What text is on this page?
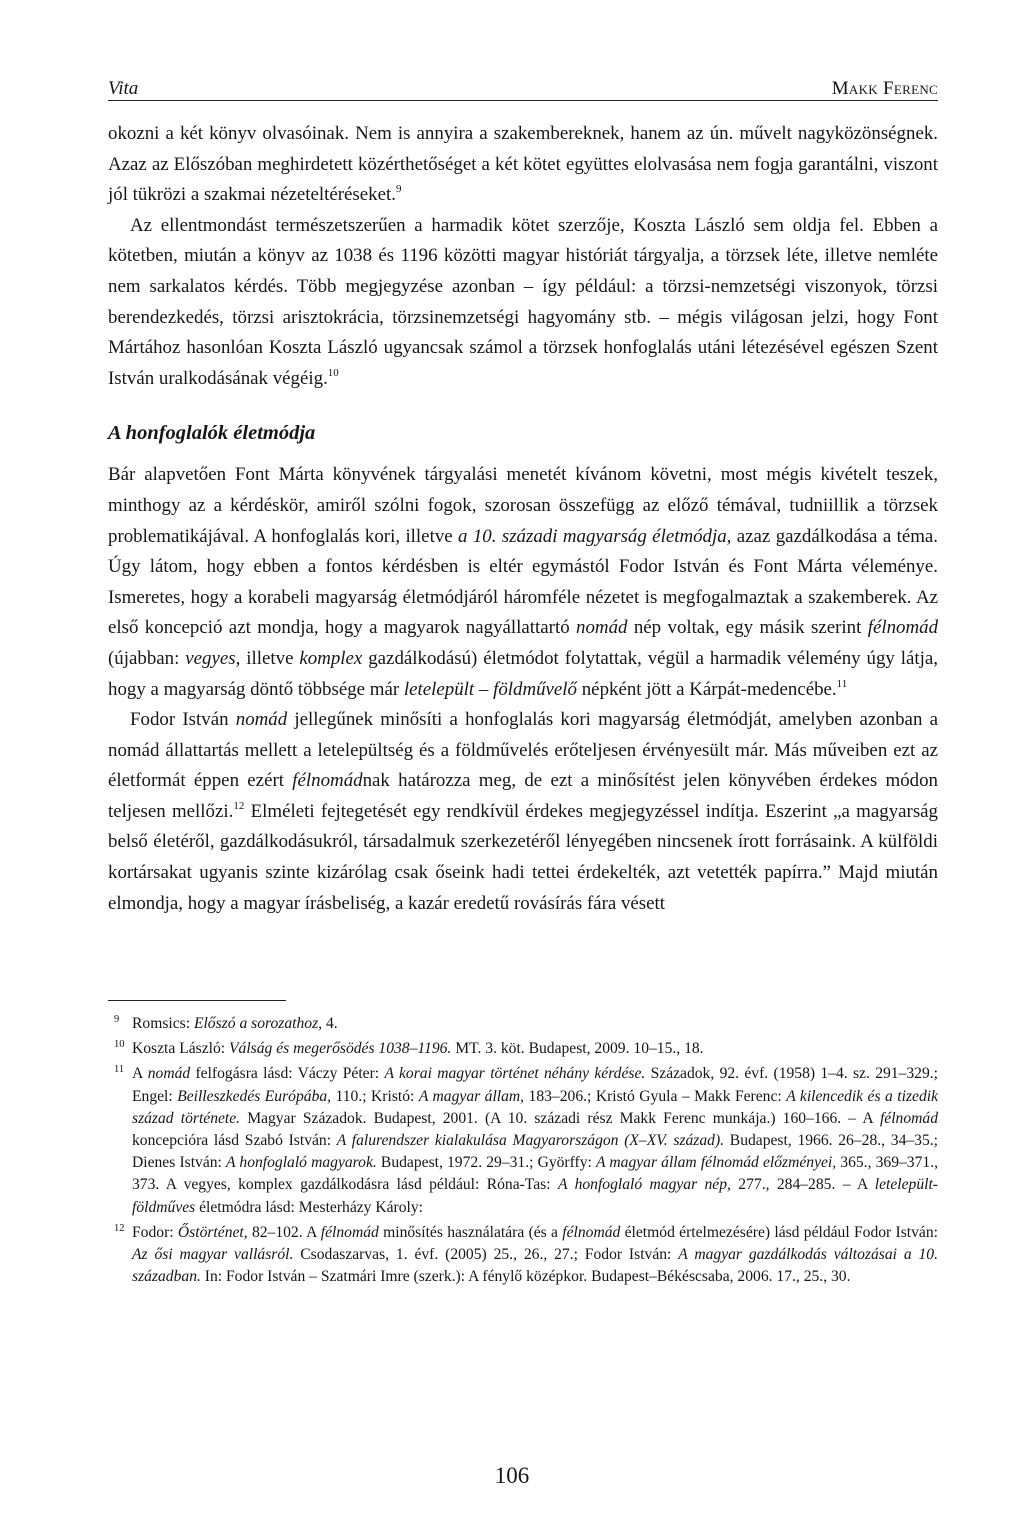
Vita	Makk Ferenc

okozni a két könyv olvasóinak. Nem is annyira a szakembereknek, hanem az ún. művelt nagyközönségnek. Azaz az Előszóban meghirdetett közérthetőséget a két kötet együttes elolvasása nem fogja garantálni, viszont jól tükrözi a szakmai nézeteltéréseket.$^9$

Az ellentmondást természetszerűen a harmadik kötet szerzője, Koszta László sem oldja fel. Ebben a kötetben, miután a könyv az 1038 és 1196 közötti magyar históriát tárgyalja, a törzsek léte, illetve nemléte nem sarkalatos kérdés. Több megjegyzése azonban – így például: a törzsi-nemzetségi viszonyok, törzsi berendezkedés, törzsi arisztokrácia, törzsinemzetségi hagyomány stb. – mégis világosan jelzi, hogy Font Mártához hasonlóan Koszta László ugyancsak számol a törzsek honfoglalás utáni létezésével egészen Szent István uralkodásának végéig.$^{10}$

A honfoglalók életmódja

Bár alapvetően Font Márta könyvének tárgyalási menetét kívánom követni, most mégis kivételt teszek, minthogy az a kérdéskör, amiről szólni fogok, szorosan összefügg az előző témával, tudniillik a törzsek problematikájával. A honfoglalás kori, illetve a 10. századi magyarság életmódja, azaz gazdálkodása a téma. Úgy látom, hogy ebben a fontos kérdésben is eltér egymástól Fodor István és Font Márta véleménye. Ismeretes, hogy a korabeli magyarság életmódjáról háromféle nézetet is megfogalmaztak a szakemberek. Az első koncepció azt mondja, hogy a magyarok nagyállattartó nomád nép voltak, egy másik szerint félnomád (újabban: vegyes, illetve komplex gazdálkodású) életmódot folytattak, végül a harmadik vélemény úgy látja, hogy a magyarság döntő többsége már letelepült – földművelő népként jött a Kárpát-medencébe.$^{11}$

Fodor István nomád jellegűnek minősíti a honfoglalás kori magyarság életmódját, amelyben azonban a nomád állattartás mellett a letelepültség és a földművelés erőteljesen érvényesült már. Más műveiben ezt az életformát éppen ezért félnomádnak határozza meg, de ezt a minősítést jelen könyvében érdekes módon teljesen mellőzi.$^{12}$ Elméleti fejtegetését egy rendkívül érdekes megjegyzéssel indítja. Eszerint „a magyarság belső életéről, gazdálkodásukról, társadalmuk szerkezetéről lényegében nincsenek írott forrásaink. A külföldi kortársakat ugyanis szinte kizárólag csak őseink hadi tettei érdekelték, azt vetették papírra.” Majd miután elmondja, hogy a magyar írásbeliség, a kazár eredetű rovásírás fára vésett

9 Romsics: Előszó a sorozathoz, 4.
10 Koszta László: Válság és megerősödés 1038–1196. MT. 3. köt. Budapest, 2009. 10–15., 18.
11 A nomád felfogásra lásd: Váczy Péter: A korai magyar történet néhány kérdése. Századok, 92. évf. (1958) 1–4. sz. 291–329.; Engel: Beilleszkedés Európába, 110.; Kristó: A magyar állam, 183–206.; Kristó Gyula – Makk Ferenc: A kilencedik és a tizedik század története. Magyar Századok. Budapest, 2001. (A 10. századi rész Makk Ferenc munkája.) 160–166. – A félnomád koncepcióra lásd Szabó István: A falurendszer kialakulása Magyarországon (X–XV. század). Budapest, 1966. 26–28., 34–35.; Dienes István: A honfoglaló magyarok. Budapest, 1972. 29–31.; Györffy: A magyar állam félnomád előzményei, 365., 369–371., 373. A vegyes, komplex gazdálkodásra lásd például: Róna-Tas: A honfoglaló magyar nép, 277., 284–285. – A letelepült-földműves életmódra lásd: Mesterházy Károly:
12 Fodor: Őstörténet, 82–102. A félnomád minősítés használatára (és a félnomád életmód értelmezésére) lásd például Fodor István: Az ősi magyar vallásról. Csodaszarvas, 1. évf. (2005) 25., 26., 27.; Fodor István: A magyar gazdálkodás változásai a 10. században. In: Fodor István – Szatmári Imre (szerk.): A fénylő középkor. Budapest–Békéscsaba, 2006. 17., 25., 30.
106
